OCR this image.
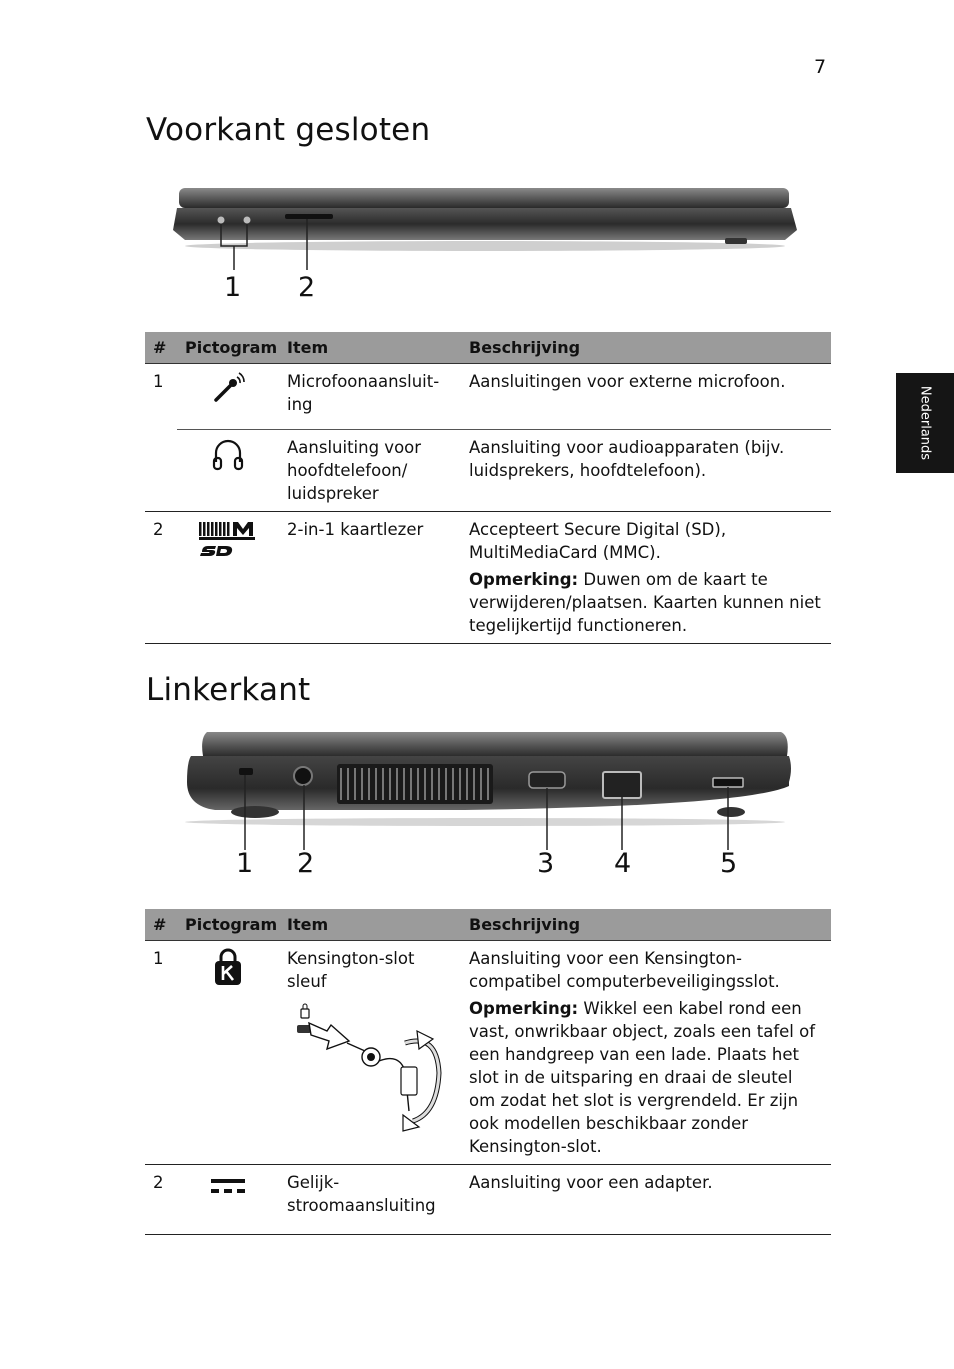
7
Nederlands
Voorkant gesloten
1 2
#	Pictogram	Item	Beschrijving
1		Microfoonaansluit-ing	Aansluitingen voor externe microfoon.
		Aansluiting voor hoofdtelefoon/ luidspreker	Aansluiting voor audioapparaten (bijv. luidsprekers, hoofdtelefoon).
2		2-in-1 kaartlezer	Accepteert Secure Digital (SD), MultiMediaCard (MMC).
Opmerking: Duwen om de kaart te verwijderen/plaatsen. Kaarten kunnen niet tegelijkertijd functioneren.
Linkerkant
1 2	3 4	5
#	Pictogram	Item	Beschrijving
1		Kensington-slot sleuf	Aansluiting voor een Kensington-compatibel computerbeveiligingsslot.
Opmerking: Wikkel een kabel rond een vast, onwrikbaar object, zoals een tafel of een handgreep van een lade. Plaats het slot in de uitsparing en draai de sleutel om zodat het slot is vergrendeld. Er zijn ook modellen beschikbaar zonder Kensington-slot.

2		Gelijk-stroomaansluiting	Aansluiting voor een adapter.
